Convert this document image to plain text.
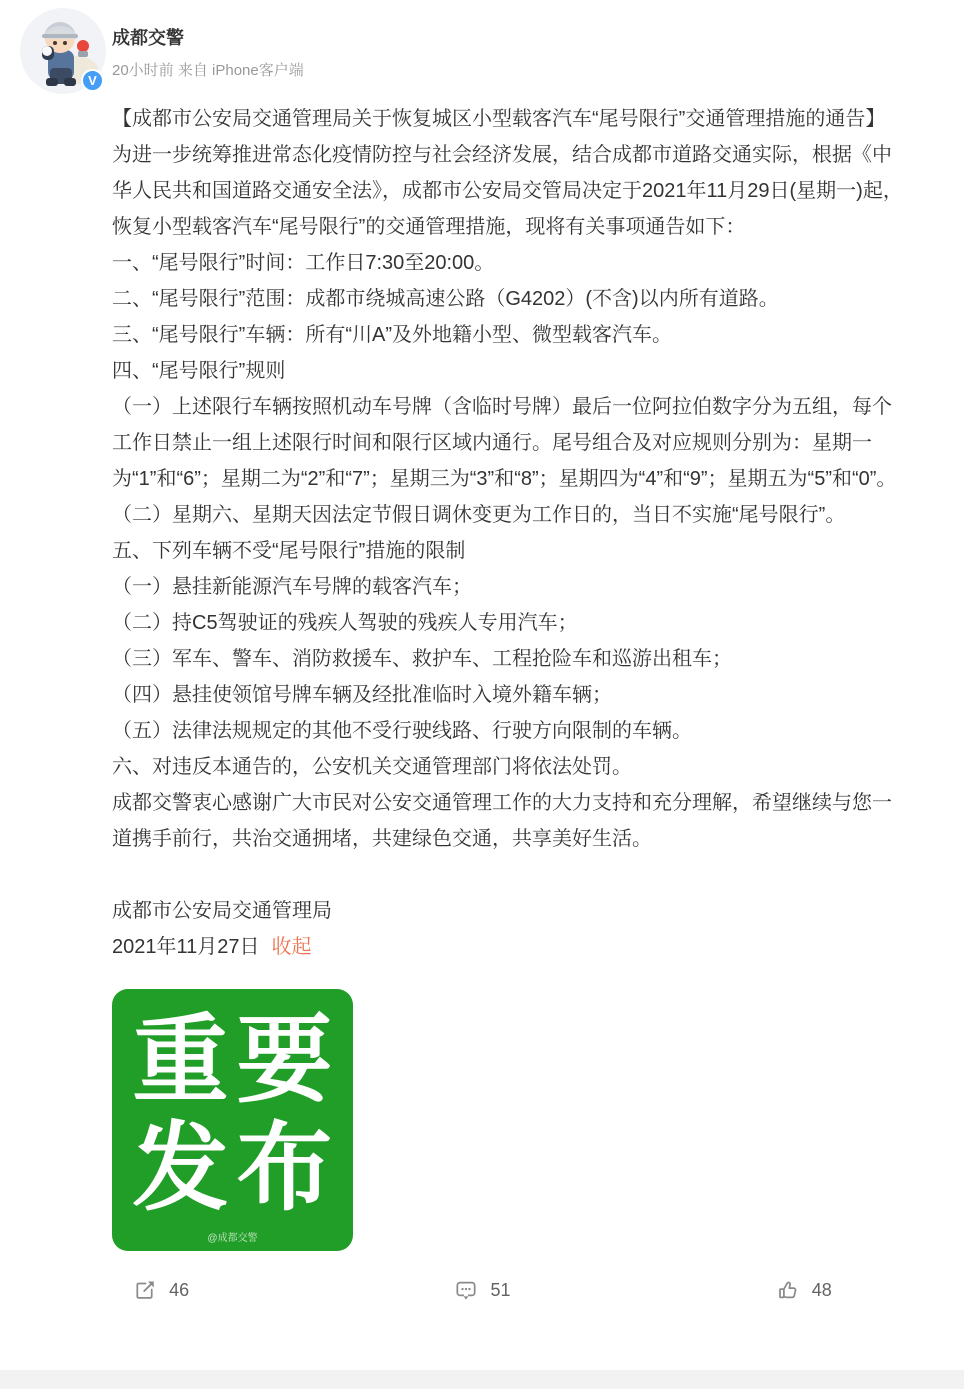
V
成都交警
20小时前 来自 iPhone客户端

【成都市公安局交通管理局关于恢复城区小型载客汽车“尾号限行”交通管理措施的通告】

为进一步统筹推进常态化疫情防控与社会经济发展，结合成都市道路交通实际，根据《中华人民共和国道路交通安全法》，成都市公安局交管局决定于2021年11月29日(星期一)起，恢复小型载客汽车“尾号限行”的交通管理措施，现将有关事项通告如下：

一、“尾号限行”时间：工作日7:30至20:00。

二、“尾号限行”范围：成都市绕城高速公路（G4202）(不含)以内所有道路。

三、“尾号限行”车辆：所有“川A”及外地籍小型、微型载客汽车。

四、“尾号限行”规则

（一）上述限行车辆按照机动车号牌（含临时号牌）最后一位阿拉伯数字分为五组，每个工作日禁止一组上述限行时间和限行区域内通行。尾号组合及对应规则分别为：星期一为“1”和“6”；星期二为“2”和“7”；星期三为“3”和“8”；星期四为“4”和“9”；星期五为“5”和“0”。

（二）星期六、星期天因法定节假日调休变更为工作日的，当日不实施“尾号限行”。

五、下列车辆不受“尾号限行”措施的限制

（一）悬挂新能源汽车号牌的载客汽车；

（二）持C5驾驶证的残疾人驾驶的残疾人专用汽车；

（三）军车、警车、消防救援车、救护车、工程抢险车和巡游出租车；

（四）悬挂使领馆号牌车辆及经批准临时入境外籍车辆；

（五）法律法规规定的其他不受行驶线路、行驶方向限制的车辆。

六、对违反本通告的，公安机关交通管理部门将依法处罚。

成都交警衷心感谢广大市民对公安交通管理工作的大力支持和充分理解，希望继续与您一道携手前行，共治交通拥堵，共建绿色交通，共享美好生活。

成都市公安局交通管理局

2021年11月27日 收起

重要
发布
@成都交警
46	51	48
